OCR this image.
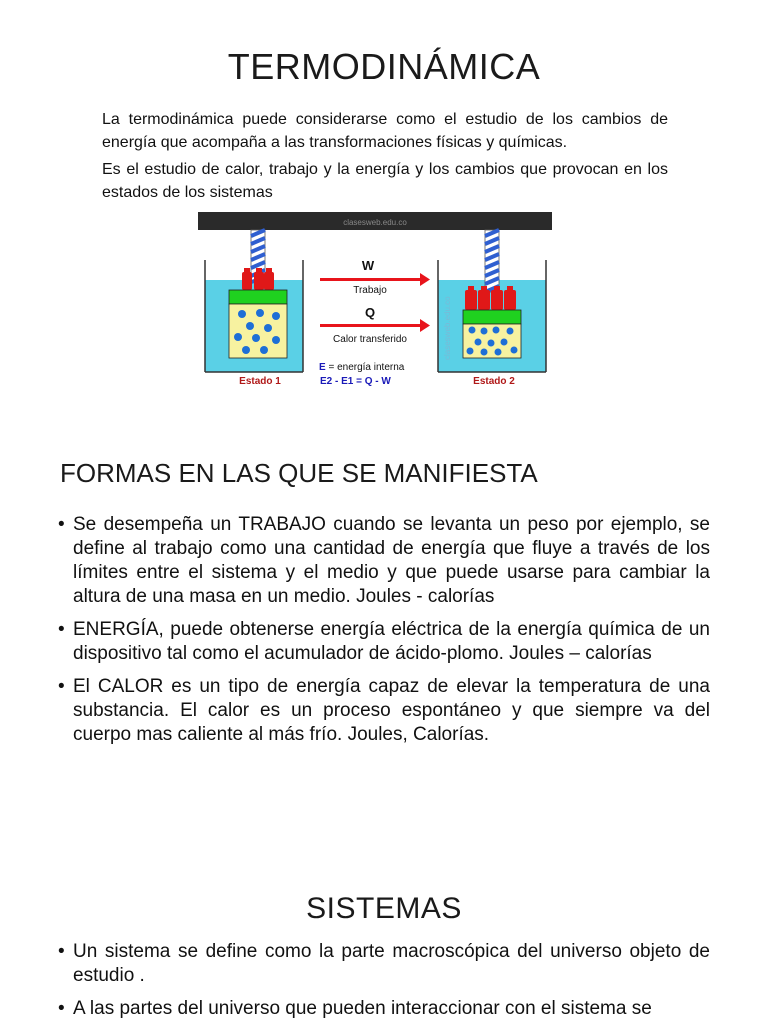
TERMODINÁMICA
La termodinámica puede considerarse como el estudio de los cambios de energía que acompaña a las transformaciones físicas y químicas.
Es el estudio de calor, trabajo y la energía y los cambios que provocan en los estados de los sistemas
clasesweb.edu.co
clasesweb.edu.co
W
Trabajo
Q
Calor transferido
E = energía interna
E2 - E1 = Q - W
Estado 1	Estado 2
FORMAS EN LAS QUE SE MANIFIESTA
• Se desempeña un TRABAJO cuando se levanta un peso por ejemplo, se define al trabajo como una cantidad de energía que fluye a través de los límites entre el sistema y el medio y que puede usarse para cambiar la altura de una masa en un medio. Joules - calorías
• ENERGÍA, puede obtenerse energía eléctrica de la energía química de un dispositivo tal como el acumulador de ácido-plomo. Joules – calorías
• El CALOR es un tipo de energía capaz de elevar la temperatura de una substancia. El calor es un proceso espontáneo y que siempre va del cuerpo mas caliente al más frío. Joules, Calorías.
SISTEMAS
• Un sistema se define como la parte macroscópica del universo objeto de estudio .
• A las partes del universo que pueden interaccionar con el sistema se
